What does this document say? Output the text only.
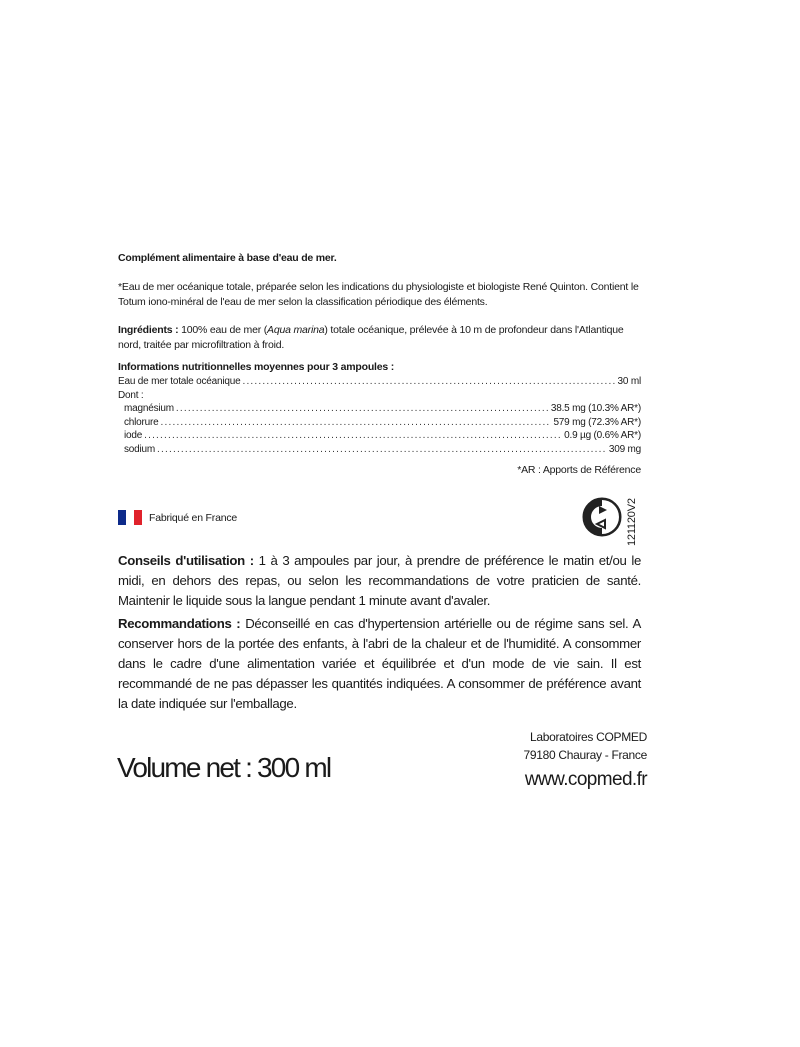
Complément alimentaire à base d'eau de mer.
*Eau de mer océanique totale, préparée selon les indications du physiologiste et biologiste René Quinton. Contient le Totum iono-minéral de l'eau de mer selon la classification périodique des éléments.
Ingrédients : 100% eau de mer (Aqua marina) totale océanique, prélevée à 10 m de profondeur dans l'Atlantique nord, traitée par microfiltration à froid.
Informations nutritionnelles moyennes pour 3 ampoules :
Eau de mer totale océanique .....	30 ml
Dont :
magnésium .....	38.5 mg (10.3% AR*)
chlorure .....	579 mg (72.3% AR*)
iode .....	0.9 µg (0.6% AR*)
sodium .....	309 mg
*AR : Apports de Référence
Fabriqué en France	121120V2
Conseils d'utilisation : 1 à 3 ampoules par jour, à prendre de préférence le matin et/ou le midi, en dehors des repas, ou selon les recommandations de votre praticien de santé. Maintenir le liquide sous la langue pendant 1 minute avant d'avaler.
Recommandations : Déconseillé en cas d'hypertension artérielle ou de régime sans sel. A conserver hors de la portée des enfants, à l'abri de la chaleur et de l'humidité. A consommer dans le cadre d'une alimentation variée et équilibrée et d'un mode de vie sain. Il est recommandé de ne pas dépasser les quantités indiquées. A consommer de préférence avant la date indiquée sur l'emballage.
Volume net : 300 ml
Laboratoires COPMED
79180 Chauray - France
www.copmed.fr
